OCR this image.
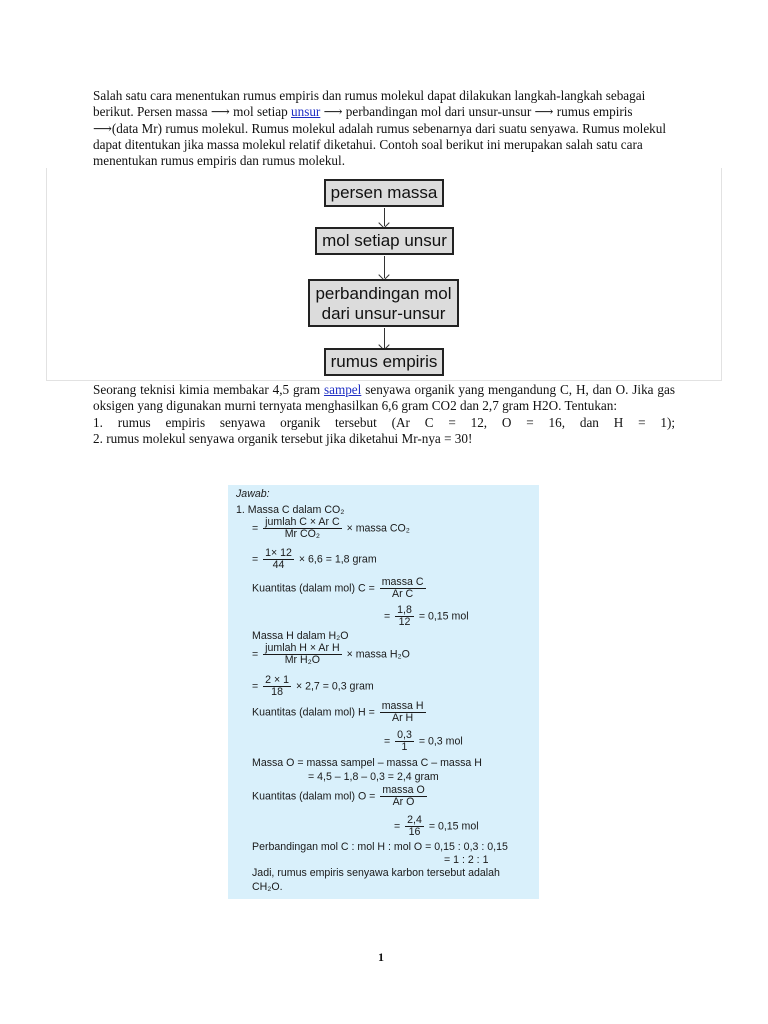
Salah satu cara menentukan rumus empiris dan rumus molekul dapat dilakukan langkah-langkah sebagai berikut. Persen massa ⟶ mol setiap unsur ⟶ perbandingan mol dari unsur-unsur ⟶ rumus empiris ⟶(data Mr) rumus molekul. Rumus molekul adalah rumus sebenarnya dari suatu senyawa. Rumus molekul dapat ditentukan jika massa molekul relatif diketahui. Contoh soal berikut ini merupakan salah satu cara menentukan rumus empiris dan rumus molekul.

persen massa
mol setiap unsur
perbandingan mol
dari unsur-unsur
rumus empiris
Seorang teknisi kimia membakar 4,5 gram sampel senyawa organik yang mengandung C, H, dan O. Jika gas oksigen yang digunakan murni ternyata menghasilkan 6,6 gram CO2 dan 2,7 gram H2O. Tentukan:
1. rumus empiris senyawa organik tersebut (Ar C = 12, O = 16, dan H = 1);
2. rumus molekul senyawa organik tersebut jika diketahui Mr-nya = 30!
Jawab:
1. Massa C dalam CO₂
= $\frac{\text{jumlah C × Ar C}}{\text{Mr CO₂}}$ × massa CO₂
= $\frac{1\times 12}{44} \times 6,6 = 1,8$ gram
Kuantitas (dalam mol) $C = \frac{\text{massa C}}{\text{Ar C}}$
= $\frac{1,8}{12} = 0,15$ mol
Massa H dalam H₂O
= $\frac{\text{jumlah H × Ar H}}{\text{Mr H₂O}}$ × massa H₂O
= $\frac{2 \times 1}{18} \times 2,7 = 0,3$ gram
Kuantitas (dalam mol) $H = \frac{\text{massa H}}{\text{Ar H}}$
= $\frac{0,3}{1} = 0,3$ mol
Massa O = massa sampel – massa C – massa H
= 4,5 – 1,8 – 0,3 = 2,4 gram
Kuantitas (dalam mol) $O = \frac{\text{massa O}}{\text{Ar O}}$
= $\frac{2,4}{16} = 0,15$ mol
Perbandingan mol C : mol H : mol O = 0,15 : 0,3 : 0,15
= 1 : 2 : 1
Jadi, rumus empiris senyawa karbon tersebut adalah
CH₂O.
1
